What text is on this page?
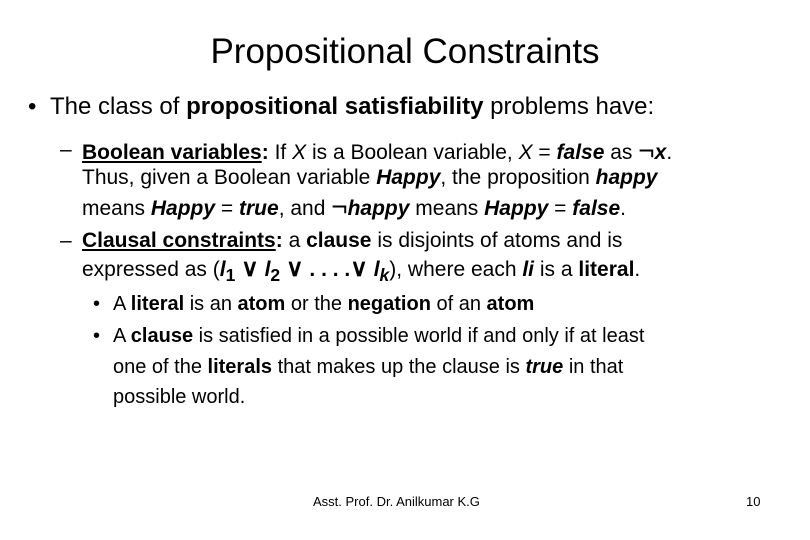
Propositional Constraints
• The class of propositional satisfiability problems have:
– Boolean variables: If X is a Boolean variable, X = false as ¬x.
Thus, given a Boolean variable Happy, the proposition happy
means Happy = true, and ¬happy means Happy = false.
– Clausal constraints: a clause is disjoints of atoms and is
expressed as ($l_1$ ∨ $l_2$ ∨ . . . .∨ $l_k$), where each li is a literal.
• A literal is an atom or the negation of an atom
• A clause is satisfied in a possible world if and only if at least
one of the literals that makes up the clause is true in that
possible world.
Asst. Prof. Dr. Anilkumar K.G	10
